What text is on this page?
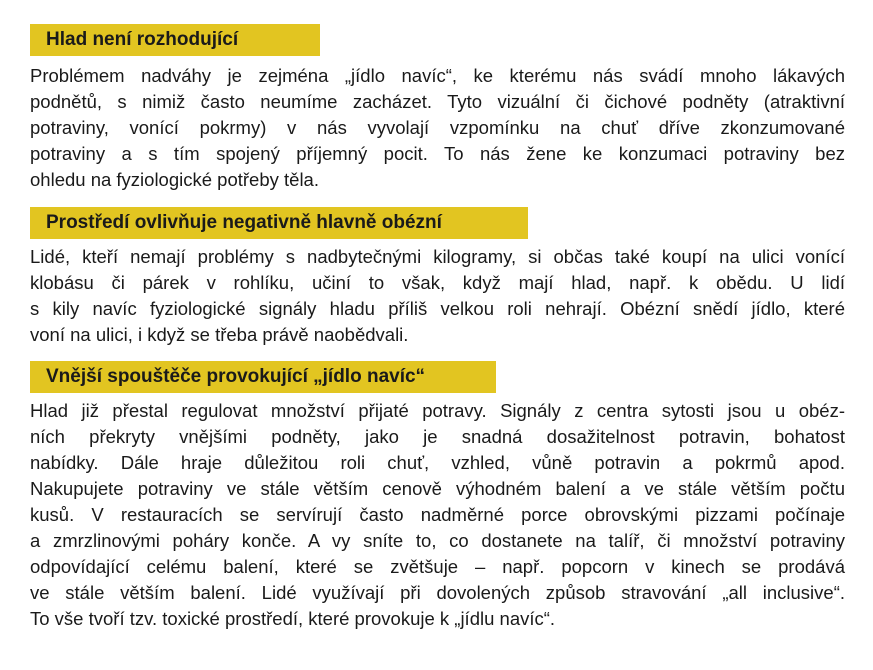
Hlad není rozhodující
Problémem nadváhy je zejména „jídlo navíc“, ke kterému nás svádí mnoho lákavých
podnětů, s nimiž často neumíme zacházet. Tyto vizuální či čichové podněty (atraktivní
potraviny, vonící pokrmy) v nás vyvolají vzpomínku na chuť dříve zkonzumované
potraviny a s tím spojený příjemný pocit. To nás žene ke konzumaci potraviny bez
ohledu na fyziologické potřeby těla.
Prostředí ovlivňuje negativně hlavně obézní
Lidé, kteří nemají problémy s nadbytečnými kilogramy, si občas také koupí na ulici vonící
klobásu či párek v rohlíku, učiní to však, když mají hlad, např. k obědu. U lidí
s kily navíc fyziologické signály hladu příliš velkou roli nehrají. Obézní snědí jídlo, které
voní na ulici, i když se třeba právě naobědvali.
Vnější spouštěče provokující „jídlo navíc“
Hlad již přestal regulovat množství přijaté potravy. Signály z centra sytosti jsou u obéz-
ních překryty vnějšími podněty, jako je snadná dosažitelnost potravin, bohatost
nabídky. Dále hraje důležitou roli chuť, vzhled, vůně potravin a pokrmů apod.
Nakupujete potraviny ve stále větším cenově výhodném balení a ve stále větším počtu
kusů. V restauracích se servírují často nadměrné porce obrovskými pizzami počínaje
a zmrzlinovými poháry konče. A vy sníte to, co dostanete na talíř, či množství potraviny
odpovídající celému balení, které se zvětšuje – např. popcorn v kinech se prodává
ve stále větším balení. Lidé využívají při dovolených způsob stravování „all inclusive“.
To vše tvoří tzv. toxické prostředí, které provokuje k „jídlu navíc“.
